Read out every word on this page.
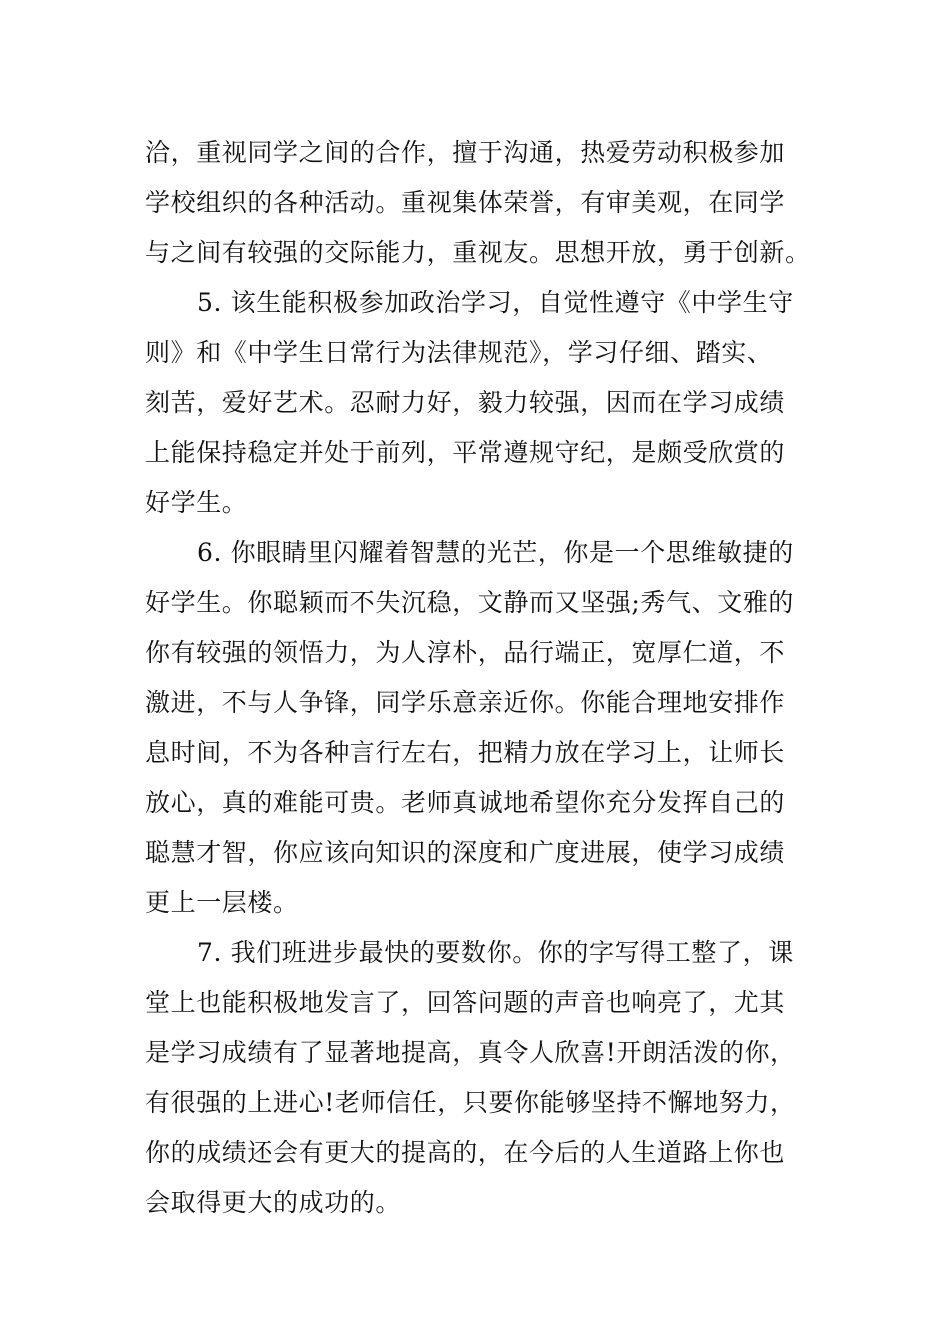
洽，重视同学之间的合作，擅于沟通，热爱劳动积极参加
学校组织的各种活动。重视集体荣誉，有审美观，在同学
与之间有较强的交际能力，重视友。思想开放，勇于创新。
5. 该生能积极参加政治学习，自觉性遵守《中学生守
则》和《中学生日常行为法律规范》，学习仔细、踏实、
刻苦，爱好艺术。忍耐力好，毅力较强，因而在学习成绩
上能保持稳定并处于前列，平常遵规守纪，是颇受欣赏的
好学生。
6. 你眼睛里闪耀着智慧的光芒，你是一个思维敏捷的
好学生。你聪颖而不失沉稳，文静而又坚强;秀气、文雅的
你有较强的领悟力，为人淳朴，品行端正，宽厚仁道，不
激进，不与人争锋，同学乐意亲近你。你能合理地安排作
息时间，不为各种言行左右，把精力放在学习上，让师长
放心，真的难能可贵。老师真诚地希望你充分发挥自己的
聪慧才智，你应该向知识的深度和广度进展，使学习成绩
更上一层楼。
7. 我们班进步最快的要数你。你的字写得工整了，课
堂上也能积极地发言了，回答问题的声音也响亮了，尤其
是学习成绩有了显著地提高，真令人欣喜!开朗活泼的你，
有很强的上进心!老师信任，只要你能够坚持不懈地努力，
你的成绩还会有更大的提高的，在今后的人生道路上你也
会取得更大的成功的。
